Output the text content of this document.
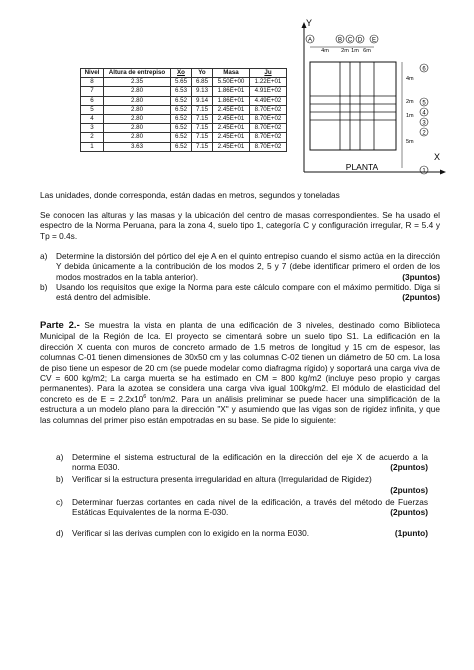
Nivel	Altura de entrepiso	Xo	Yo	Masa	Ju
8	2.35	5.65	6.85	5.50E+00	1.22E+01
7	2.80	6.53	9.13	1.86E+01	4.91E+02
6	2.80	6.52	9.14	1.86E+01	4.49E+02
5	2.80	6.52	7.15	2.45E+01	8.70E+02
4	2.80	6.52	7.15	2.45E+01	8.70E+02
3	2.80	6.52	7.15	2.45E+01	8.70E+02
2	2.80	6.52	7.15	2.45E+01	8.70E+02
1	3.63	6.52	7.15	2.45E+01	8.70E+02
Y
X
A	B C D E
4m 2m 1m 6m
4m
2m
1m
5m
6
5
4
3
2
1
PLANTA
Las unidades, donde corresponda, están dadas en metros, segundos y toneladas
Se conocen las alturas y las masas y la ubicación del centro de masas correspondientes. Se ha usado el espectro de la Norma Peruana, para la zona 4, suelo tipo 1, categoría C y configuración irregular, R = 5.4 y Tp = 0.4s.
a) Determine la distorsión del pórtico del eje A en el quinto entrepiso cuando el sismo actúa en la dirección Y debida únicamente a la contribución de los modos 2, 5 y 7 (debe identificar primero el orden de los modos mostrados en la tabla anterior).	(3puntos)
b) Usando los requisitos que exige la Norma para este cálculo compare con el máximo permitido. Diga si está dentro del admisible.	(2puntos)
Parte 2.- Se muestra la vista en planta de una edificación de 3 niveles, destinado como Biblioteca Municipal de la Región de Ica. El proyecto se cimentará sobre un suelo tipo S1. La edificación en la dirección X cuenta con muros de concreto armado de 1.5 metros de longitud y 15 cm de espesor, las columnas C-01 tienen dimensiones de 30x50 cm y las columnas C-02 tienen un diámetro de 50 cm. La losa de piso tiene un espesor de 20 cm (se puede modelar como diafragma rígido) y soportará una carga viva de CV = 600 kg/m2; La carga muerta se ha estimado en CM = 800 kg/m2 (incluye peso propio y cargas permanentes). Para la azotea se considera una carga viva igual 100kg/m2. El módulo de elasticidad del concreto es de $E = 2.2x10^6$ ton/m2. Para un análisis preliminar se puede hacer una simplificación de la estructura a un modelo plano para la dirección "X" y asumiendo que las vigas son de rigidez infinita, y que las columnas del primer piso están empotradas en su base. Se pide lo siguiente:
a) Determine el sistema estructural de la edificación en la dirección del eje X de acuerdo a la norma E030.	(2puntos)
b) Verificar si la estructura presenta irregularidad en altura (Irregularidad de Rigidez)
(2puntos)
c) Determinar fuerzas cortantes en cada nivel de la edificación, a través del método de Fuerzas Estáticas Equivalentes de la norma E-030.	(2puntos)
d) Verificar si las derivas cumplen con lo exigido en la norma E030.	(1punto)
